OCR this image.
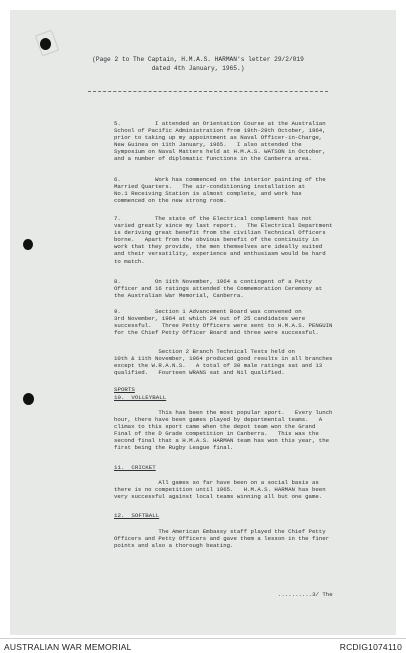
(Page 2 to The Captain, H.M.A.S. HARMAN's letter 29/2/019
dated 4th January, 1965.)
5.          I attended an Orientation Course at the Australian
School of Pacific Administration from 19th-29th October, 1964,
prior to taking up my appointment as Naval Officer-in-Charge,
New Guinea on 11th January, 1965.   I also attended the
Symposium on Naval Matters held at H.M.A.S. WATSON in October,
and a number of diplomatic functions in the Canberra area.
6.          Work has commenced on the interior painting of the
Married Quarters.   The air-conditioning installation at
No.1 Receiving Station is almost complete, and work has
commenced on the new strong room.
7.          The state of the Electrical complement has not
varied greatly since my last report.   The Electrical Department
is deriving great benefit from the civilian Technical Officers
borne.   Apart from the obvious benefit of the continuity in
work that they provide, the men themselves are ideally suited
and their versatility, experience and enthusiasm would be hard
to match.
8.          On 11th November, 1964 a contingent of a Petty
Officer and 16 ratings attended the Commemoration Ceremony at
the Australian War Memorial, Canberra.
9.          Section 1 Advancement Board was convened on
3rd November, 1964 at which 24 out of 25 candidates were
successful.   Three Petty Officers were sent to H.M.A.S. PENGUIN
for the Chief Petty Officer Board and three were successful.
Section 2 Branch Technical Tests held on
10th & 11th November, 1964 produced good results in all branches
except the W.R.A.N.S.   A total of 30 male ratings sat and 13
qualified.   Fourteen WRANS sat and Nil qualified.
SPORTS
10.  VOLLEYBALL
This has been the most popular sport.   Every lunch
hour, there have been games played by departmental teams.   A
climax to this sport came when the depot team won the Grand
Final of the D Grade competition in Canberra.   This was the
second final that a H.M.A.S. HARMAN team has won this year, the
first being the Rugby League final.
11.  CRICKET
All games so far have been on a social basis as
there is no competition until 1965.   H.M.A.S. HARMAN has been
very successful against local teams winning all but one game.
12.  SOFTBALL
The American Embassy staff played the Chief Petty
Officers and Petty Officers and gave them a lesson in the finer
points and also a thorough beating.
..........3/ The
AUSTRALIAN WAR MEMORIAL	RCDIG1074110
